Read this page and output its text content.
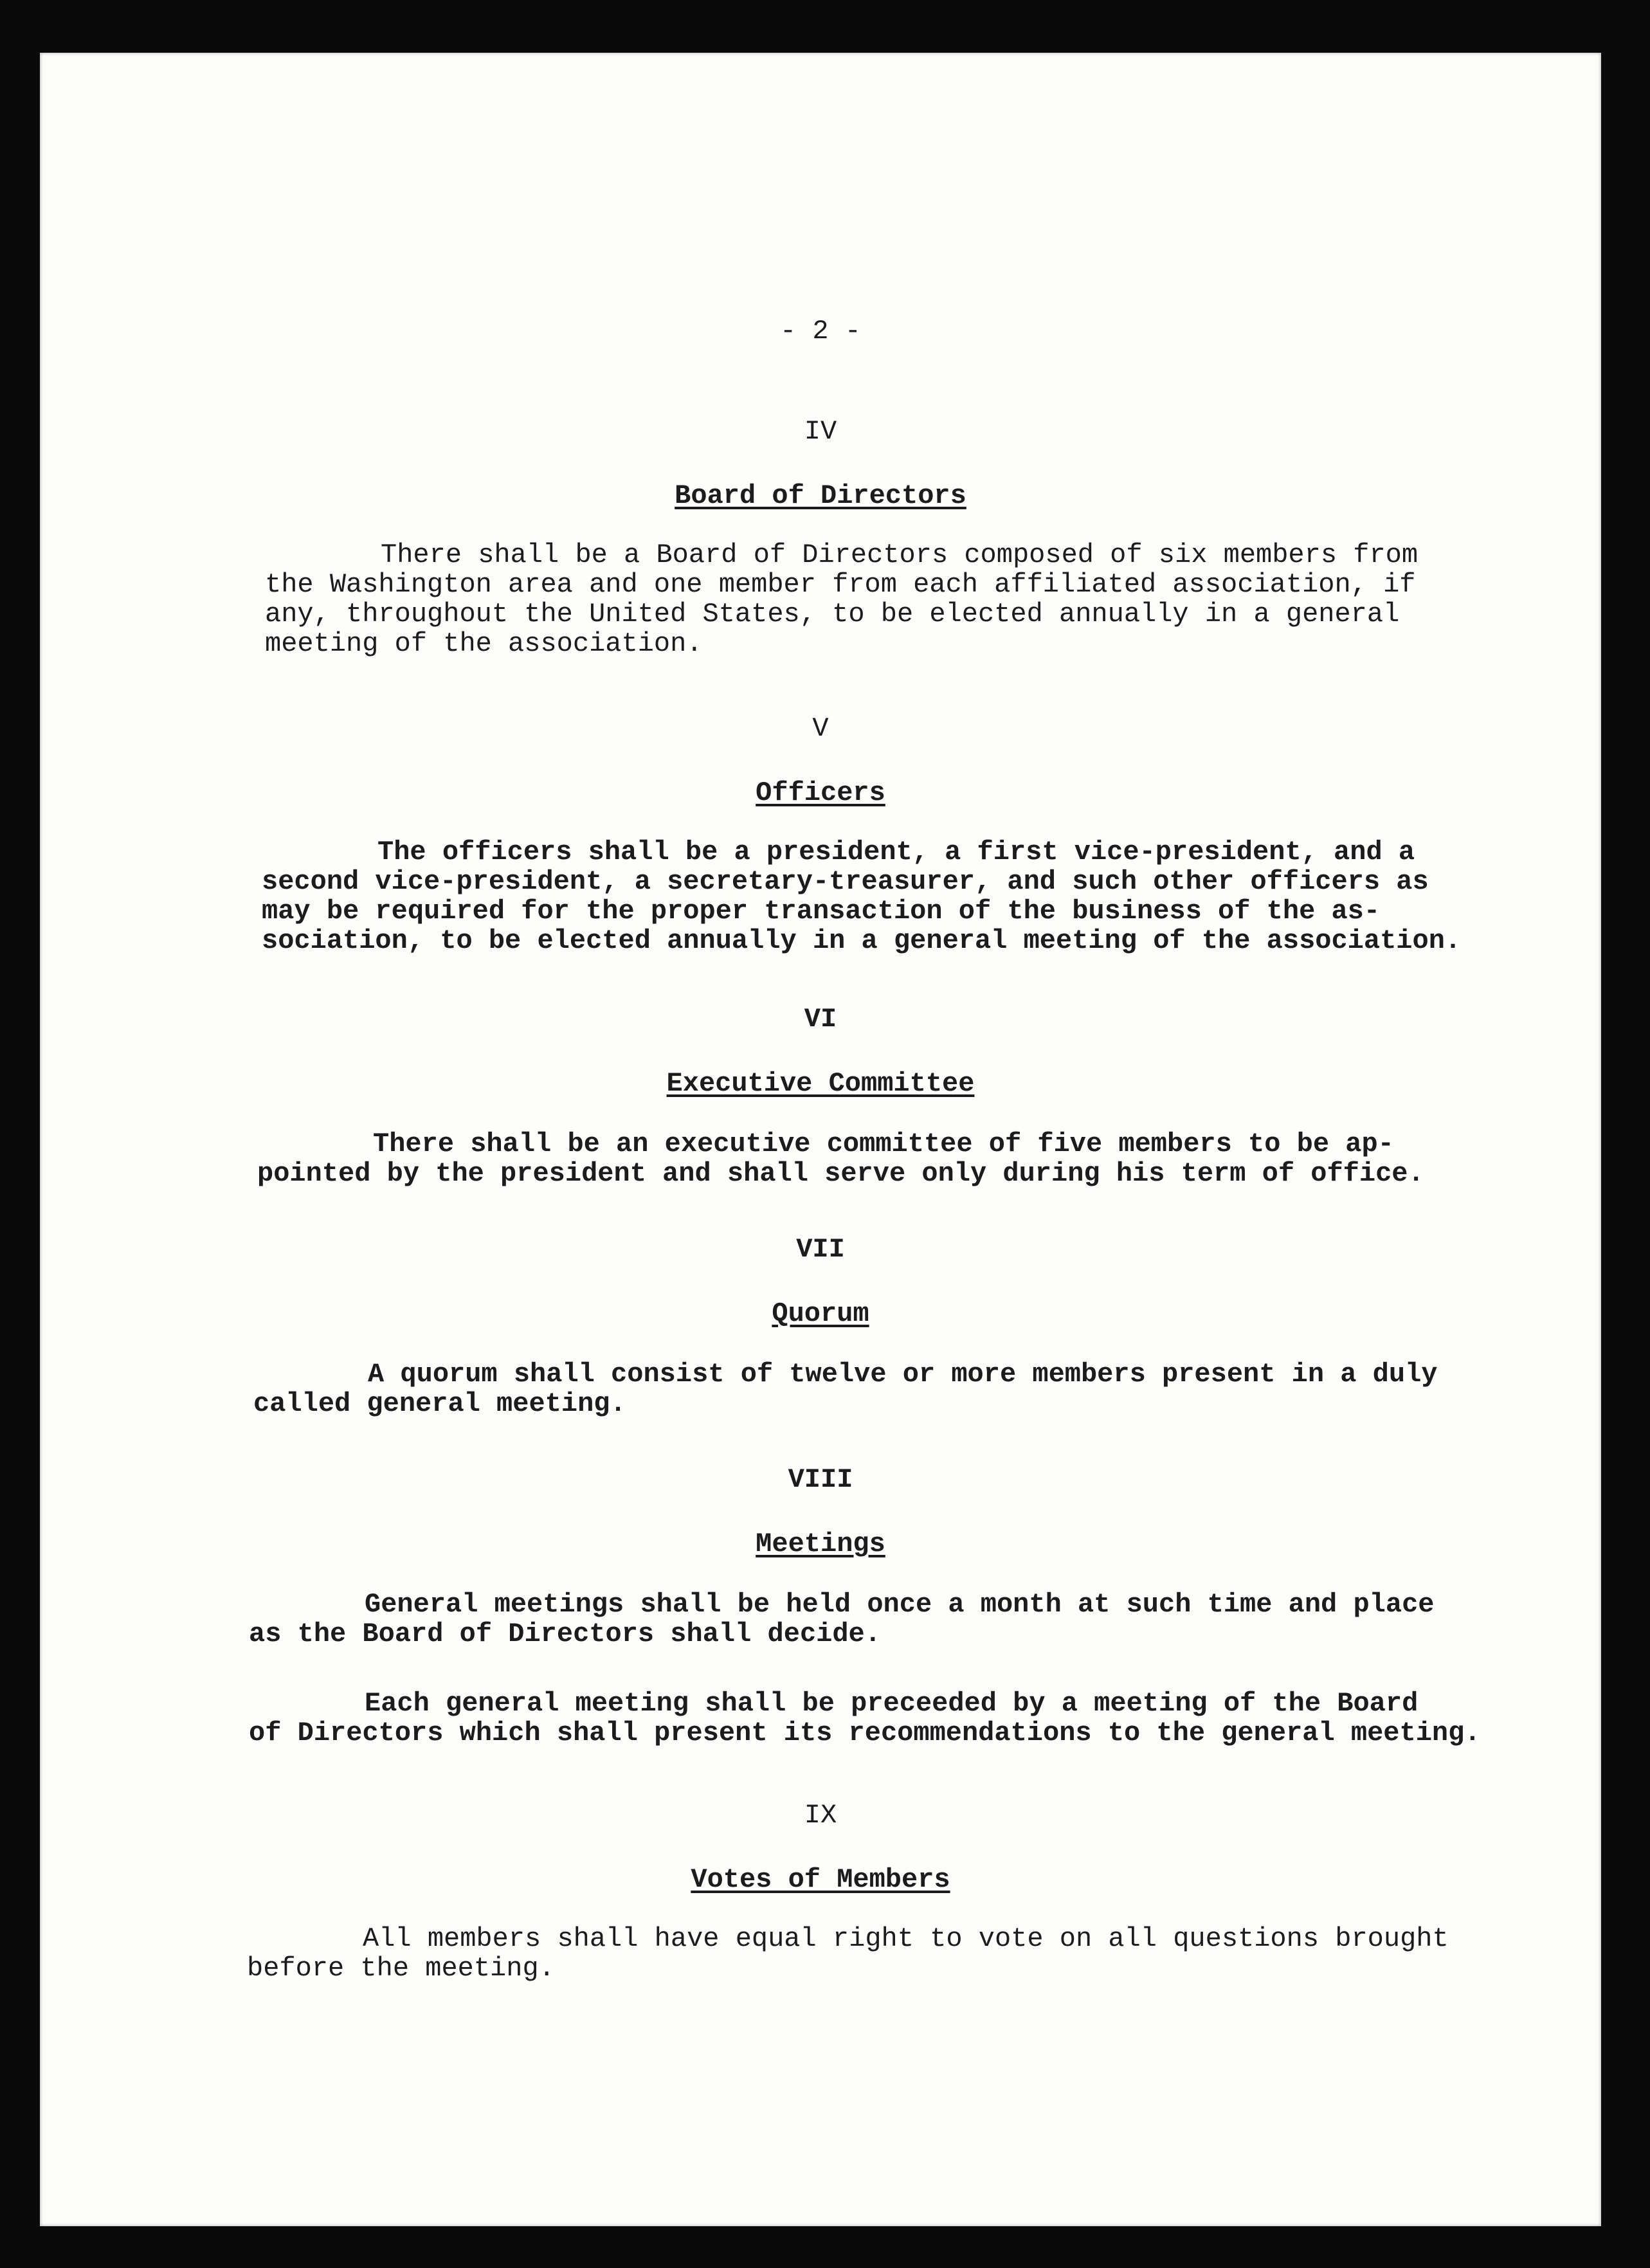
- 2 -
IV
Board of Directors
There shall be a Board of Directors composed of six members from
the Washington area and one member from each affiliated association, if
any, throughout the United States, to be elected annually in a general
meeting of the association.
V
Officers
The officers shall be a president, a first vice-president, and a
second vice-president, a secretary-treasurer, and such other officers as
may be required for the proper transaction of the business of the as-
sociation, to be elected annually in a general meeting of the association.
VI
Executive Committee
There shall be an executive committee of five members to be ap-
pointed by the president and shall serve only during his term of office.
VII
Quorum
A quorum shall consist of twelve or more members present in a duly
called general meeting.
VIII
Meetings
General meetings shall be held once a month at such time and place
as the Board of Directors shall decide.
Each general meeting shall be preceeded by a meeting of the Board
of Directors which shall present its recommendations to the general meeting.
IX
Votes of Members
All members shall have equal right to vote on all questions brought
before the meeting.
